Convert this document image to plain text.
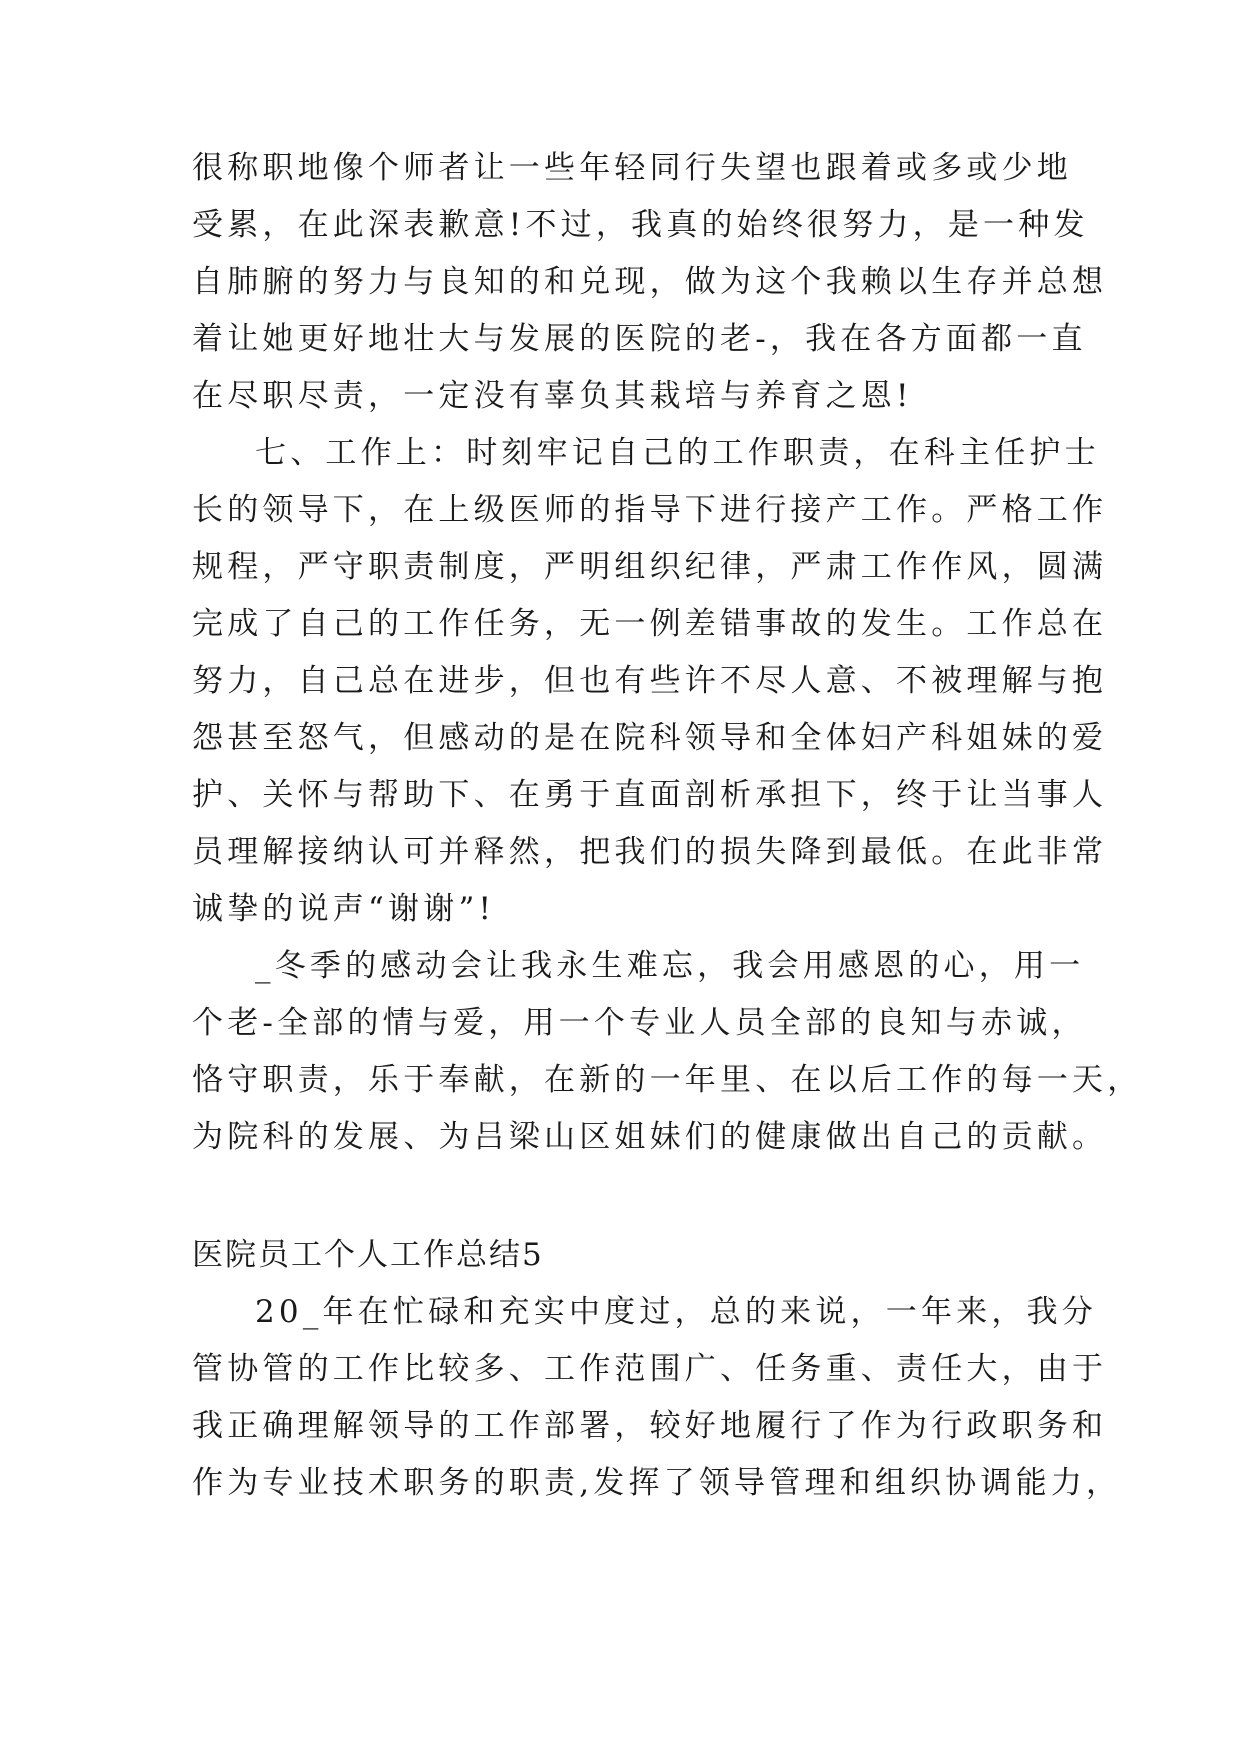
很称职地像个师者让一些年轻同行失望也跟着或多或少地
受累，在此深表歉意!不过，我真的始终很努力，是一种发
自肺腑的努力与良知的和兑现，做为这个我赖以生存并总想
着让她更好地壮大与发展的医院的老-，我在各方面都一直
在尽职尽责，一定没有辜负其栽培与养育之恩!
七、工作上：时刻牢记自己的工作职责，在科主任护士
长的领导下，在上级医师的指导下进行接产工作。严格工作
规程，严守职责制度，严明组织纪律，严肃工作作风，圆满
完成了自己的工作任务，无一例差错事故的发生。工作总在
努力，自己总在进步，但也有些许不尽人意、不被理解与抱
怨甚至怒气，但感动的是在院科领导和全体妇产科姐妹的爱
护、关怀与帮助下、在勇于直面剖析承担下，终于让当事人
员理解接纳认可并释然，把我们的损失降到最低。在此非常
诚挚的说声“谢谢”!
_冬季的感动会让我永生难忘，我会用感恩的心，用一
个老-全部的情与爱，用一个专业人员全部的良知与赤诚，
恪守职责，乐于奉献，在新的一年里、在以后工作的每一天，
为院科的发展、为吕梁山区姐妹们的健康做出自己的贡献。
医院员工个人工作总结5
20_年在忙碌和充实中度过，总的来说，一年来，我分
管协管的工作比较多、工作范围广、任务重、责任大，由于
我正确理解领导的工作部署，较好地履行了作为行政职务和
作为专业技术职务的职责,发挥了领导管理和组织协调能力，
